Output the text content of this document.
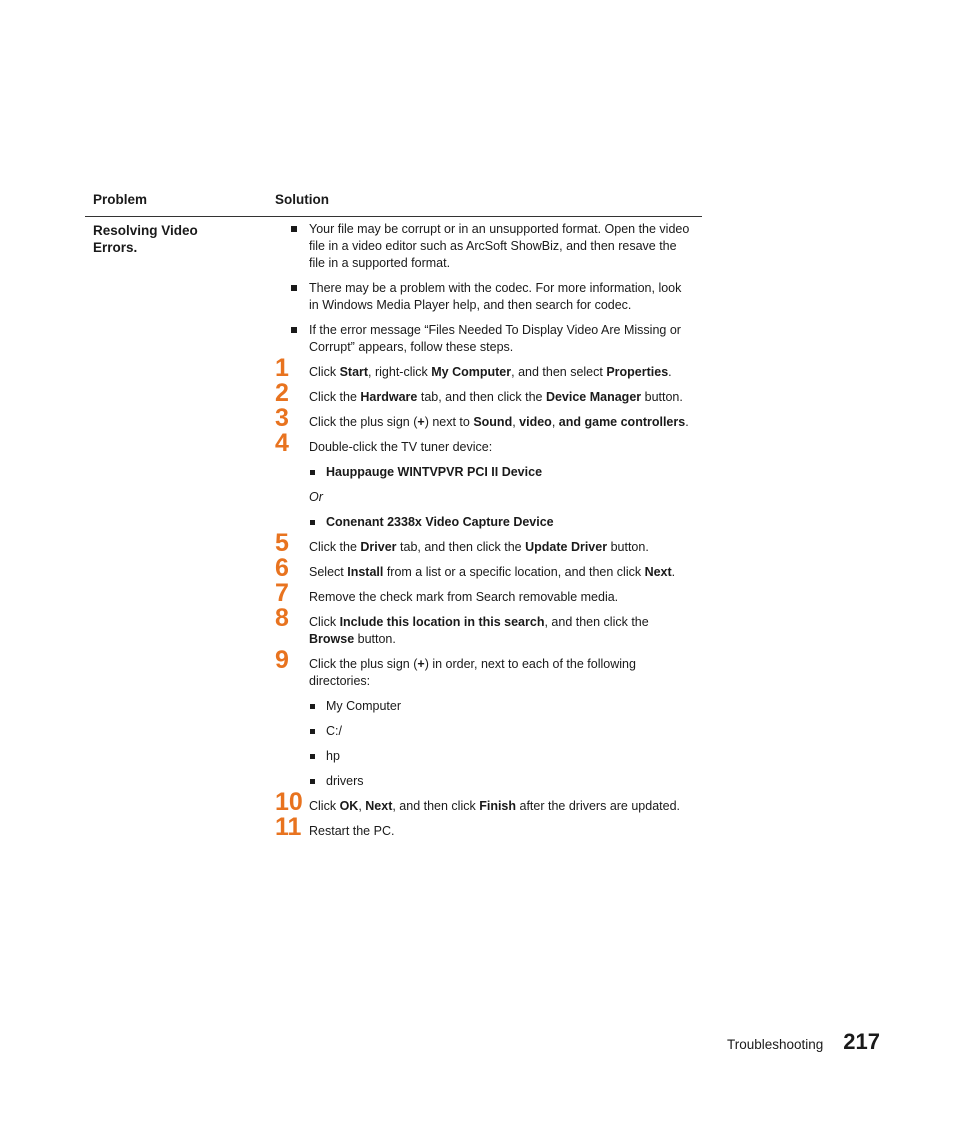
Problem	Solution
Resolving Video Errors.
Your file may be corrupt or in an unsupported format. Open the video file in a video editor such as ArcSoft ShowBiz, and then resave the file in a supported format.
There may be a problem with the codec. For more information, look in Windows Media Player help, and then search for codec.
If the error message “Files Needed To Display Video Are Missing or Corrupt” appears, follow these steps.
1 Click Start, right-click My Computer, and then select Properties.
2 Click the Hardware tab, and then click the Device Manager button.
3 Click the plus sign (+) next to Sound, video, and game controllers.
4 Double-click the TV tuner device:
Hauppauge WINTVPVR PCI II Device
Or
Conenant 2338x Video Capture Device
5 Click the Driver tab, and then click the Update Driver button.
6 Select Install from a list or a specific location, and then click Next.
7 Remove the check mark from Search removable media.
8 Click Include this location in this search, and then click the Browse button.
9 Click the plus sign (+) in order, next to each of the following directories:
My Computer
C:/
hp
drivers
10 Click OK, Next, and then click Finish after the drivers are updated.
11 Restart the PC.
Troubleshooting 217
